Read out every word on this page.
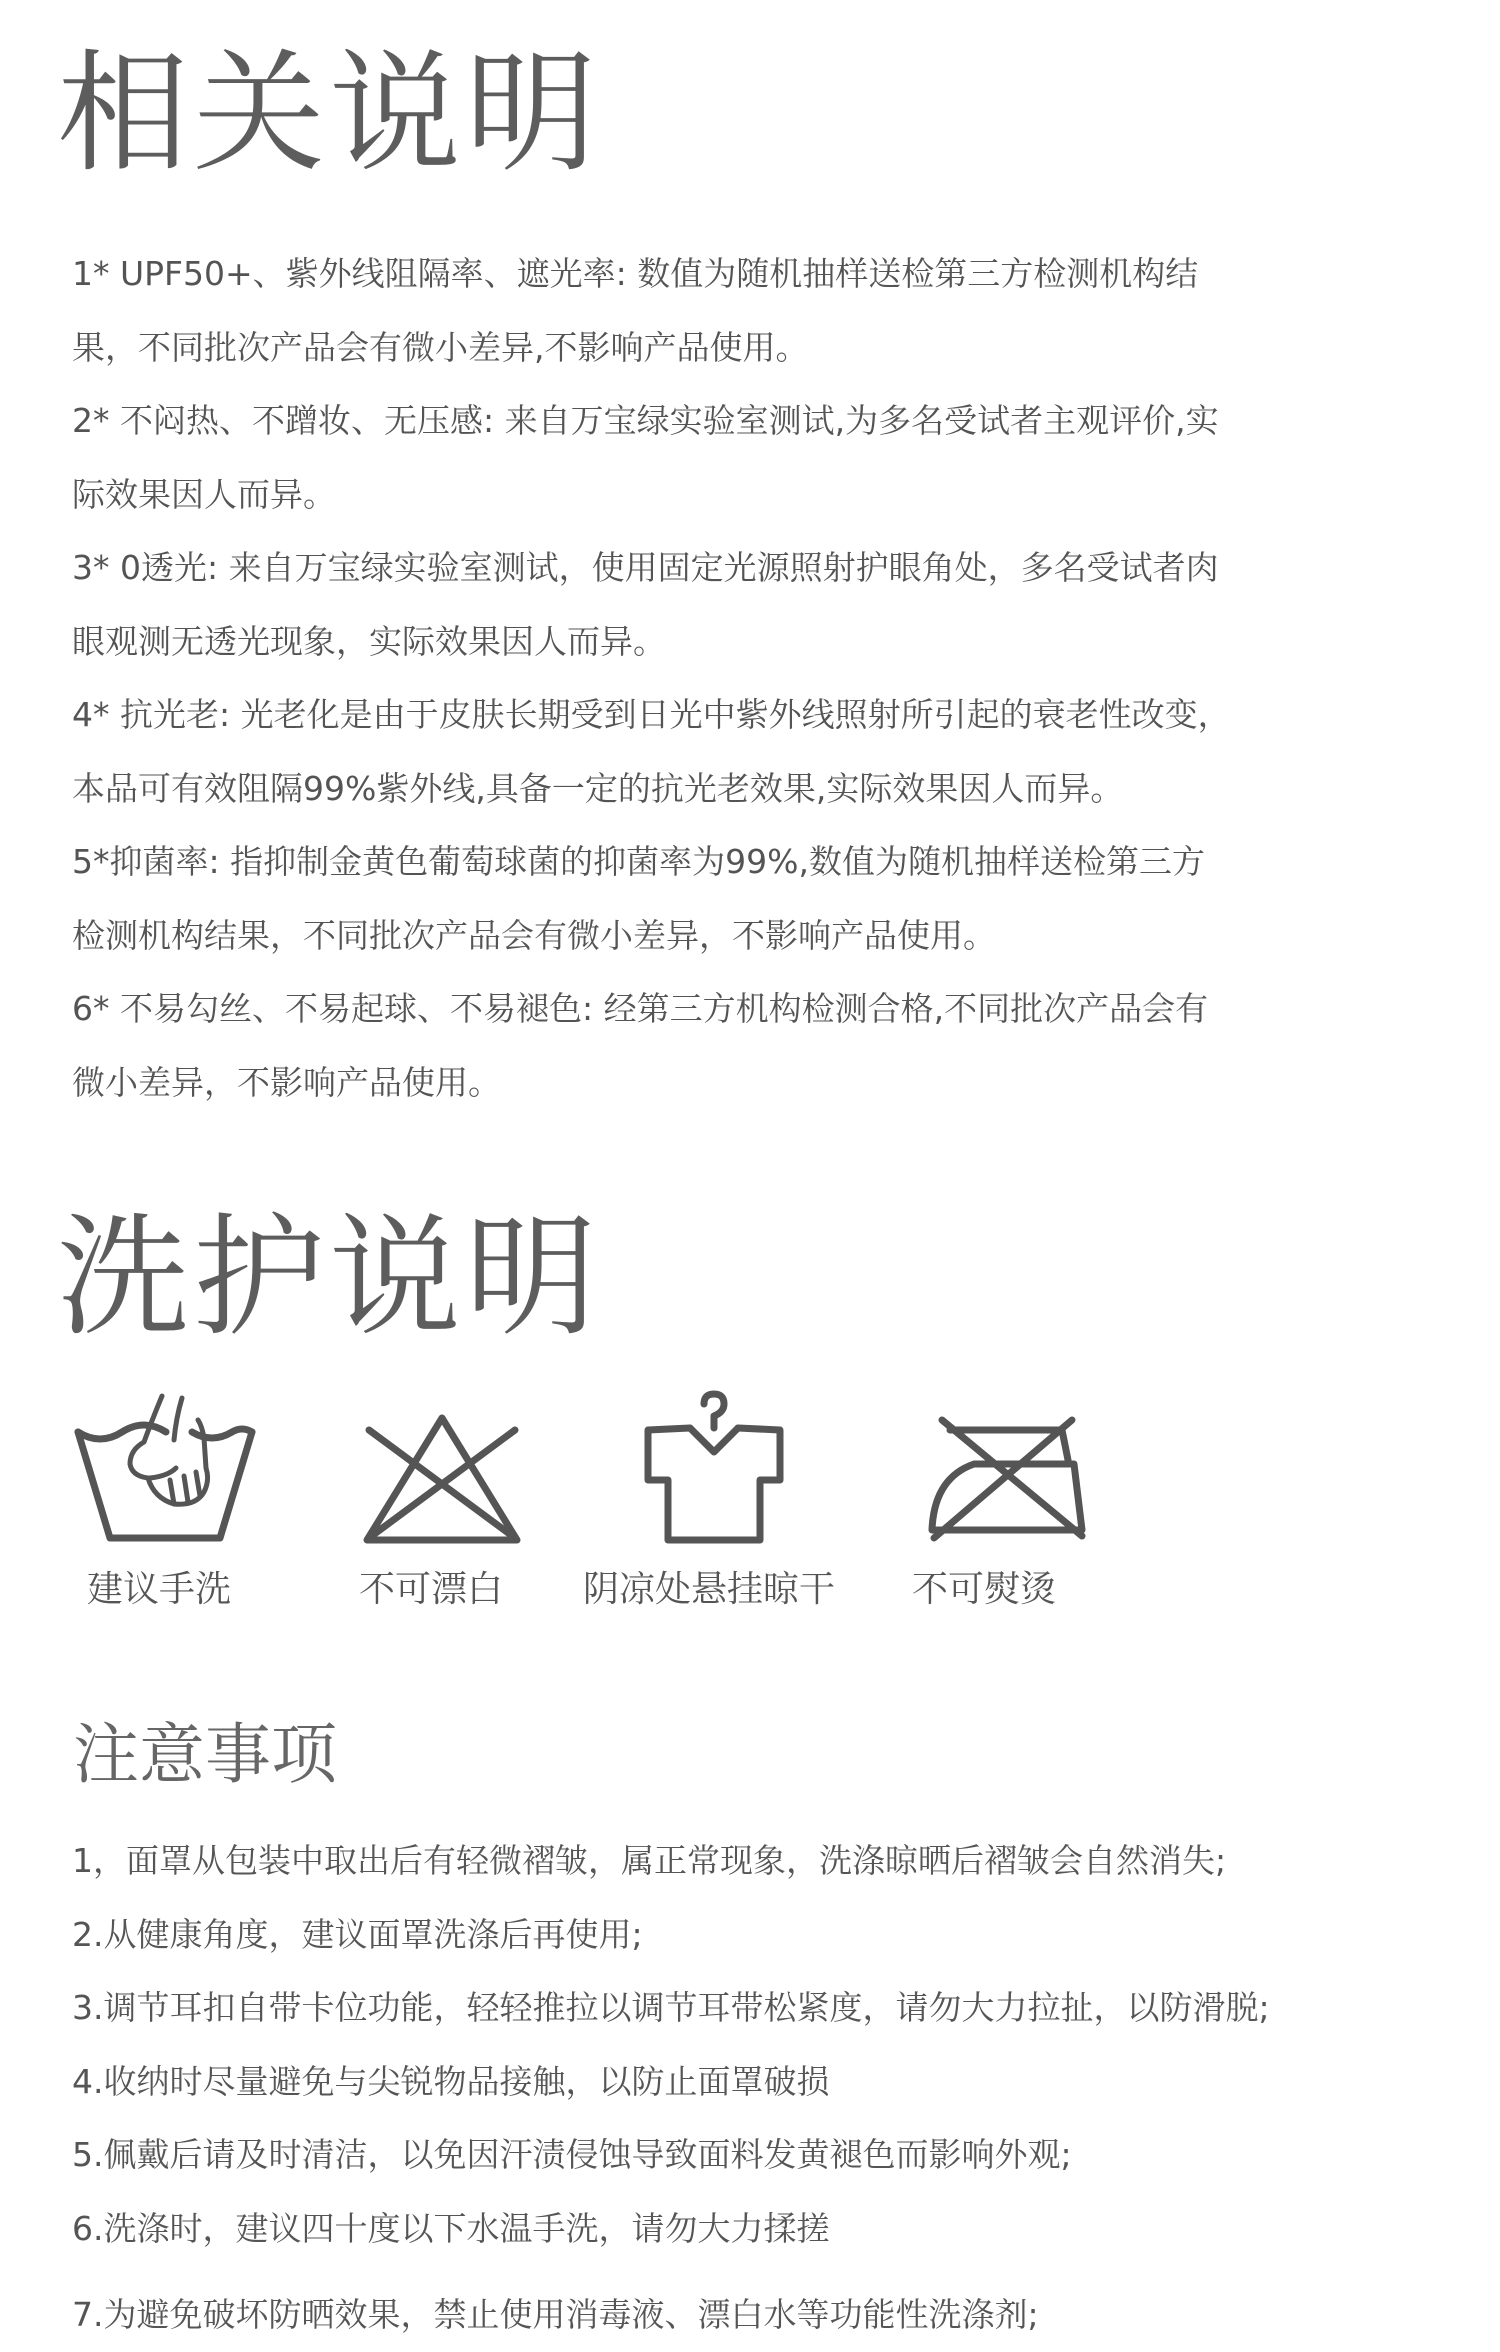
相关说明
1* UPF50+、紫外线阻隔率、遮光率: 数值为随机抽样送检第三方检测机构结
果，不同批次产品会有微小差异,不影响产品使用。
2* 不闷热、不蹭妆、无压感: 来自万宝绿实验室测试,为多名受试者主观评价,实
际效果因人而异。
3* 0透光: 来自万宝绿实验室测试，使用固定光源照射护眼角处，多名受试者肉
眼观测无透光现象，实际效果因人而异。
4* 抗光老: 光老化是由于皮肤长期受到日光中紫外线照射所引起的衰老性改变，
本品可有效阻隔99%紫外线,具备一定的抗光老效果,实际效果因人而异。
5*抑菌率: 指抑制金黄色葡萄球菌的抑菌率为99%,数值为随机抽样送检第三方
检测机构结果，不同批次产品会有微小差异，不影响产品使用。
6* 不易勾丝、不易起球、不易褪色: 经第三方机构检测合格,不同批次产品会有
微小差异，不影响产品使用。
洗护说明
建议手洗	不可漂白 阴凉处悬挂晾干 不可熨烫
注意事项
1，面罩从包装中取出后有轻微褶皱，属正常现象，洗涤晾晒后褶皱会自然消失;
2.从健康角度，建议面罩洗涤后再使用;
3.调节耳扣自带卡位功能，轻轻推拉以调节耳带松紧度，请勿大力拉扯，以防滑脱;
4.收纳时尽量避免与尖锐物品接触，以防止面罩破损
5.佩戴后请及时清洁，以免因汗渍侵蚀导致面料发黄褪色而影响外观;
6.洗涤时，建议四十度以下水温手洗，请勿大力揉搓

7.为避免破坏防晒效果，禁止使用消毒液、漂白水等功能性洗涤剂;
